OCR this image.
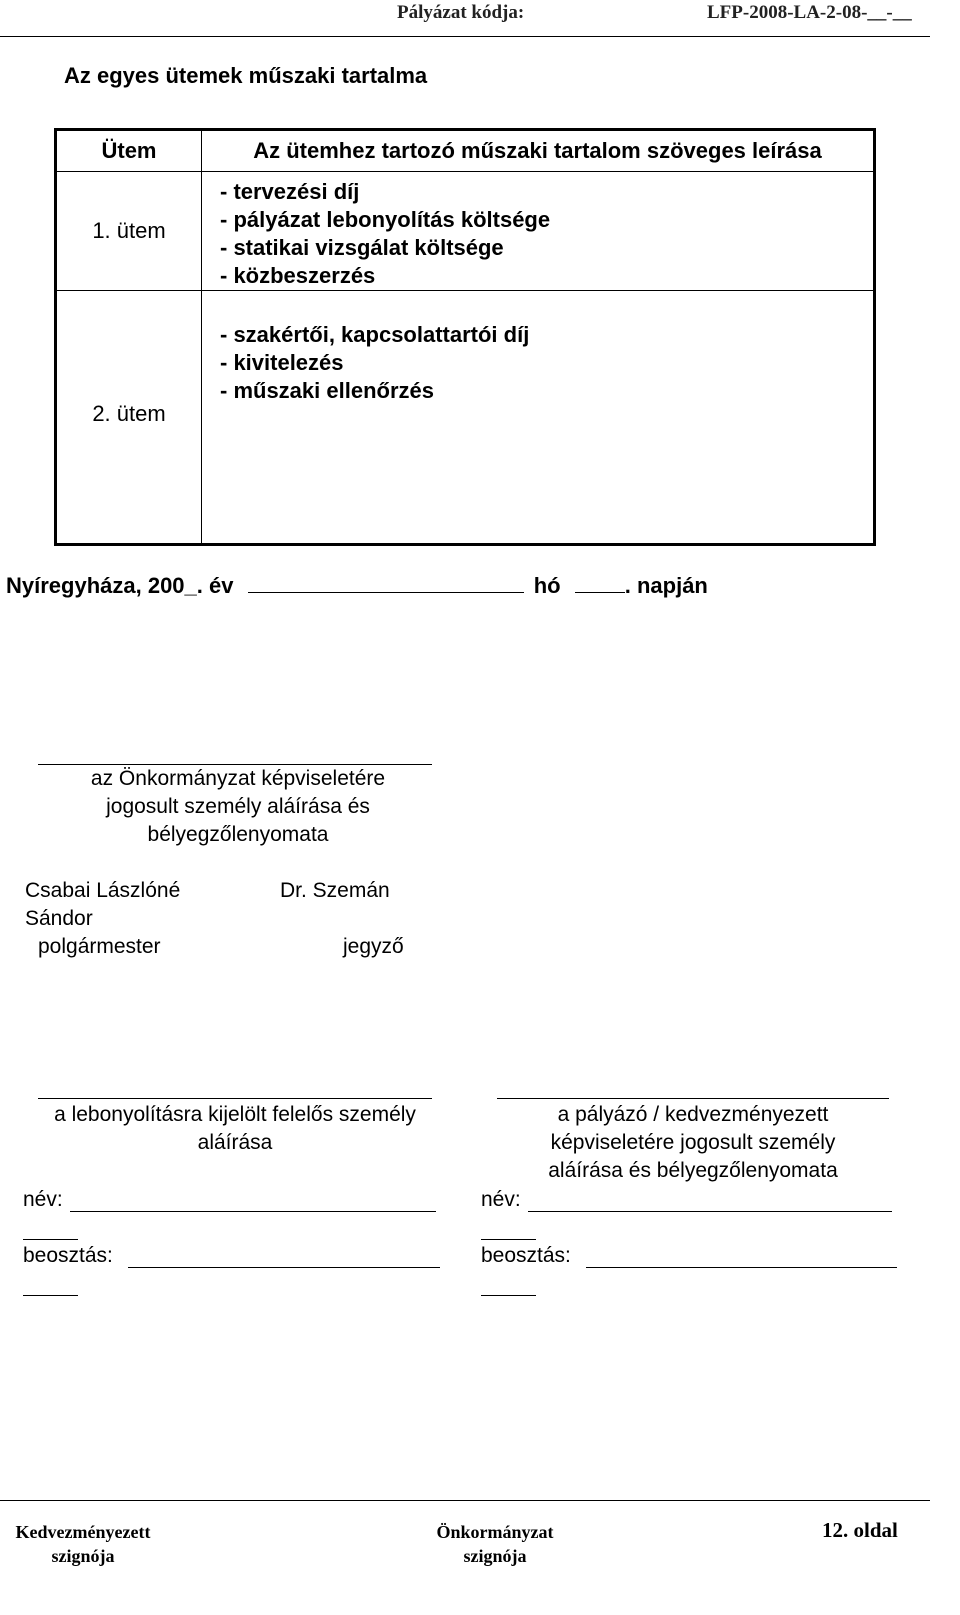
Pályázat kódja:	LFP-2008-LA-2-08-__-__
Az egyes ütemek műszaki tartalma
Ütem	Az ütemhez tartozó műszaki tartalom szöveges leírása
1. ütem	- tervezési díj
- pályázat lebonyolítás költsége
- statikai vizsgálat költsége
- közbeszerzés

2. ütem	- szakértői, kapcsolattartói díj
- kivitelezés
- műszaki ellenőrzés
Nyíregyháza, 200_. év	hó	. napján
az Önkormányzat képviseletére
jogosult személy aláírása és
bélyegzőlenyomata
Csabai Lászlóné
Sándor
polgármester
Dr. Szemán
jegyző
a lebonyolításra kijelölt felelős személy
aláírása
név:
beosztás:
a pályázó / kedvezményezett
képviseletére jogosult személy
aláírása és bélyegzőlenyomata
név:
beosztás:
Kedvezményezett
szignója
Önkormányzat
szignója
12. oldal
